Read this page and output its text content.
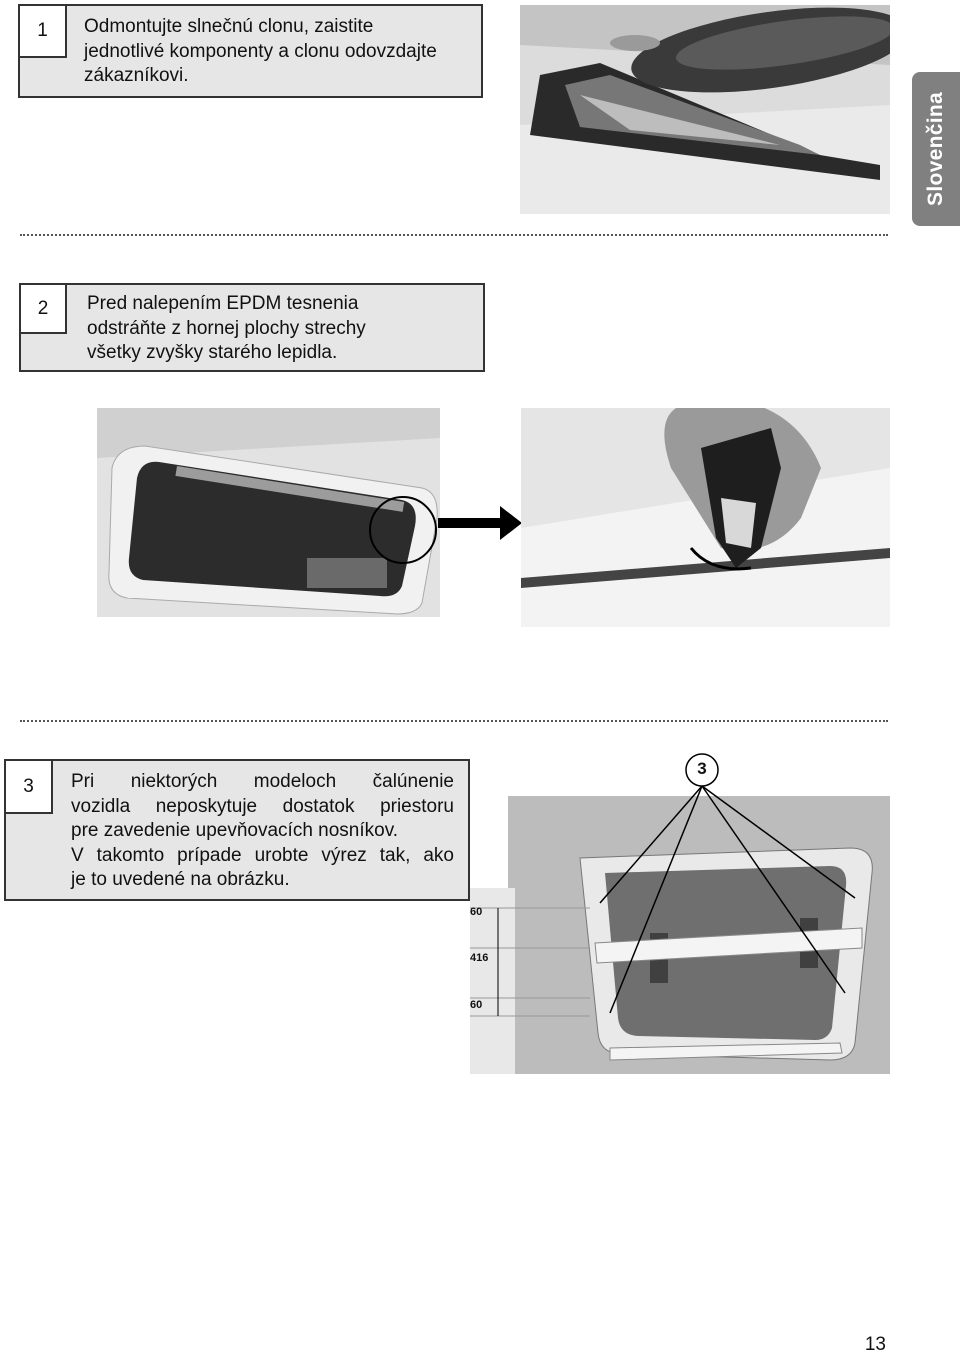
Slovenčina
1	Odmontujte slnečnú clonu, zaistite
jednotlivé komponenty a clonu odovzdajte
zákazníkovi.
2	Pred nalepením EPDM tesnenia
odstráňte z hornej plochy strechy
všetky zvyšky starého lepidla.
3	Pri niektorých modeloch čalúnenie
vozidla neposkytuje dostatok priestoru
pre zavedenie upevňovacích nosníkov.
V takomto prípade urobte výrez tak, ako
je to uvedené na obrázku.
3
60
416
60
13
